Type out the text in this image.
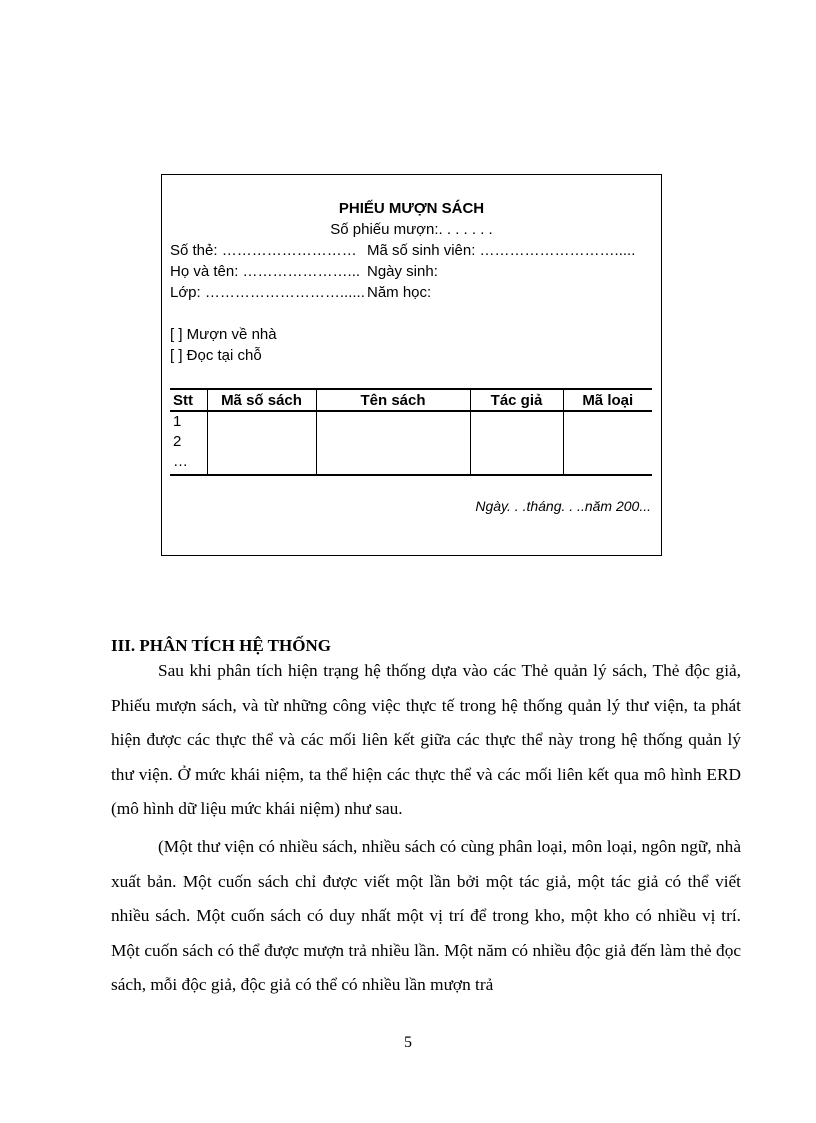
PHIẾU MƯỢN SÁCH
Số phiếu mượn:. . . . . . .
Số thẻ: ……………………… Mã số sinh viên: ……………………….....
Họ và tên: …………………... Ngày sinh:
Lớp: ………………………...... Năm học:
[ ] Mượn về nhà
[ ] Đọc tại chỗ
Stt	Mã số sách	Tên sách	Tác giả	Mã loại

1
2
…				

Ngày. . .tháng. . ..năm 200...
III. PHÂN TÍCH HỆ THỐNG

Sau khi phân tích hiện trạng hệ thống dựa vào các Thẻ quản lý sách, Thẻ độc giả, Phiếu mượn sách, và từ những công việc thực tế trong hệ thống quản lý thư viện, ta phát hiện được các thực thể và các mối liên kết giữa các thực thể này trong hệ thống quản lý thư viện. Ở mức khái niệm, ta thể hiện các thực thể và các mối liên kết qua mô hình ERD (mô hình dữ liệu mức khái niệm) như sau.

(Một thư viện có nhiều sách, nhiều sách có cùng phân loại, môn loại, ngôn ngữ, nhà xuất bản. Một cuốn sách chỉ được viết một lần bởi một tác giả, một tác giả có thể viết nhiều sách. Một cuốn sách có duy nhất một vị trí để trong kho, một kho có nhiều vị trí. Một cuốn sách có thể được mượn trả nhiều lần. Một năm có nhiều độc giả đến làm thẻ đọc sách, mỗi độc giả, độc giả có thể có nhiều lần mượn trả

5
